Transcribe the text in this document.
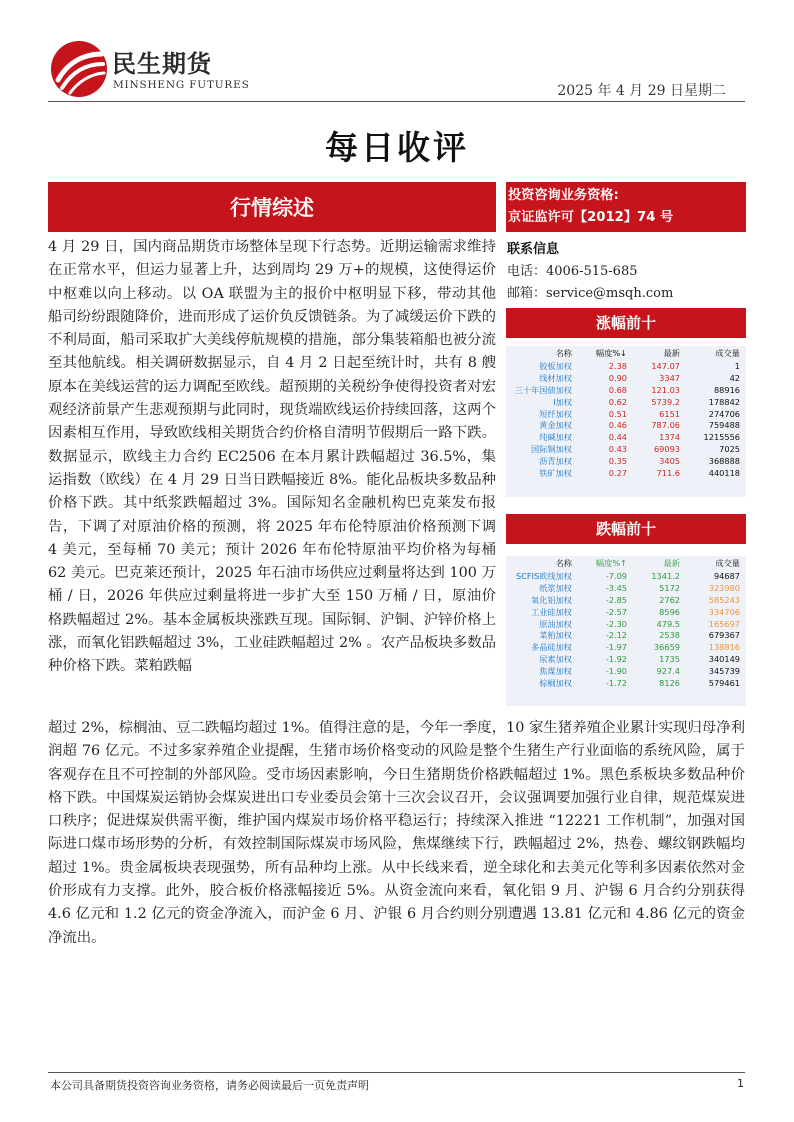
民生期货
MINSHENG FUTURES	2025 年 4 月 29 日星期二
每日收评
行情综述
4 月 29 日，国内商品期货市场整体呈现下行态势。近期运输需求维持在正常水平，但运力显著上升，达到周均 29 万+的规模，这使得运价中枢难以向上移动。以 OA 联盟为主的报价中枢明显下移，带动其他船司纷纷跟随降价，进而形成了运价负反馈链条。为了减缓运价下跌的不利局面，船司采取扩大美线停航规模的措施，部分集装箱船也被分流至其他航线。相关调研数据显示，自 4 月 2 日起至统计时，共有 8 艘原本在美线运营的运力调配至欧线。超预期的关税纷争使得投资者对宏观经济前景产生悲观预期与此同时，现货端欧线运价持续回落，这两个因素相互作用，导致欧线相关期货合约价格自清明节假期后一路下跌。数据显示，欧线主力合约 EC2506 在本月累计跌幅超过 36.5%，集运指数（欧线）在 4 月 29 日当日跌幅接近 8%。能化品板块多数品种价格下跌。其中纸浆跌幅超过 3%。国际知名金融机构巴克莱发布报告，下调了对原油价格的预测，将 2025 年布伦特原油价格预测下调 4 美元，至每桶 70 美元；预计 2026 年布伦特原油平均价格为每桶 62 美元。巴克莱还预计，2025 年石油市场供应过剩量将达到 100 万桶 / 日，2026 年供应过剩量将进一步扩大至 150 万桶 / 日，原油价格跌幅超过 2%。基本金属板块涨跌互现。国际铜、沪铜、沪锌价格上涨，而氧化铝跌幅超过 3%，工业硅跌幅超过 2% 。农产品板块多数品种价格下跌。菜粕跌幅
投资咨询业务资格:
京证监许可【2012】74 号
联系信息
电话：4006-515-685
邮箱：service@msqh.com
涨幅前十
名称	幅度%↓	最新	成交量
胶板加权	2.38	147.07	1
线材加权	0.90	3347	42
三十年国债加权	0.68	121.03	88916
I加权	0.62	5739.2	178842
短纤加权	0.51	6151	274706
黄金加权	0.46	787.06	759488
纯碱加权	0.44	1374	1215556
国际铜加权	0.43	69093	7025
沥青加权	0.35	3405	368888
铁矿加权	0.27	711.6	440118
跌幅前十
名称	幅度%↑	最新	成交量
SCFIS欧线加权	-7.09	1341.2	94687
纸浆加权	-3.45	5172	323980
氧化铝加权	-2.85	2762	585243
工业硅加权	-2.57	8596	334706
原油加权	-2.30	479.5	165697
菜粕加权	-2.12	2538	679367
多晶硅加权	-1.97	36659	138816
尿素加权	-1.92	1735	340149
焦煤加权	-1.90	927.4	345739
棕榈加权	-1.72	8126	579461
超过 2%，棕榈油、豆二跌幅均超过 1%。值得注意的是，今年一季度，10 家生猪养殖企业累计实现归母净利润超 76 亿元。不过多家养殖企业提醒，生猪市场价格变动的风险是整个生猪生产行业面临的系统风险，属于客观存在且不可控制的外部风险。受市场因素影响，今日生猪期货价格跌幅超过 1%。黑色系板块多数品种价格下跌。中国煤炭运销协会煤炭进出口专业委员会第十三次会议召开，会议强调要加强行业自律，规范煤炭进口秩序；促进煤炭供需平衡，维护国内煤炭市场价格平稳运行；持续深入推进 “12221 工作机制”，加强对国际进口煤市场形势的分析，有效控制国际煤炭市场风险，焦煤继续下行，跌幅超过 2%，热卷、螺纹钢跌幅均超过 1%。贵金属板块表现强势，所有品种均上涨。从中长线来看，逆全球化和去美元化等利多因素依然对金价形成有力支撑。此外，胶合板价格涨幅接近 5%。从资金流向来看，氧化铝 9 月、沪锡 6 月合约分别获得 4.6 亿元和 1.2 亿元的资金净流入，而沪金 6 月、沪银 6 月合约则分别遭遇 13.81 亿元和 4.86 亿元的资金净流出。
本公司具备期货投资咨询业务资格，请务必阅读最后一页免责声明	1
